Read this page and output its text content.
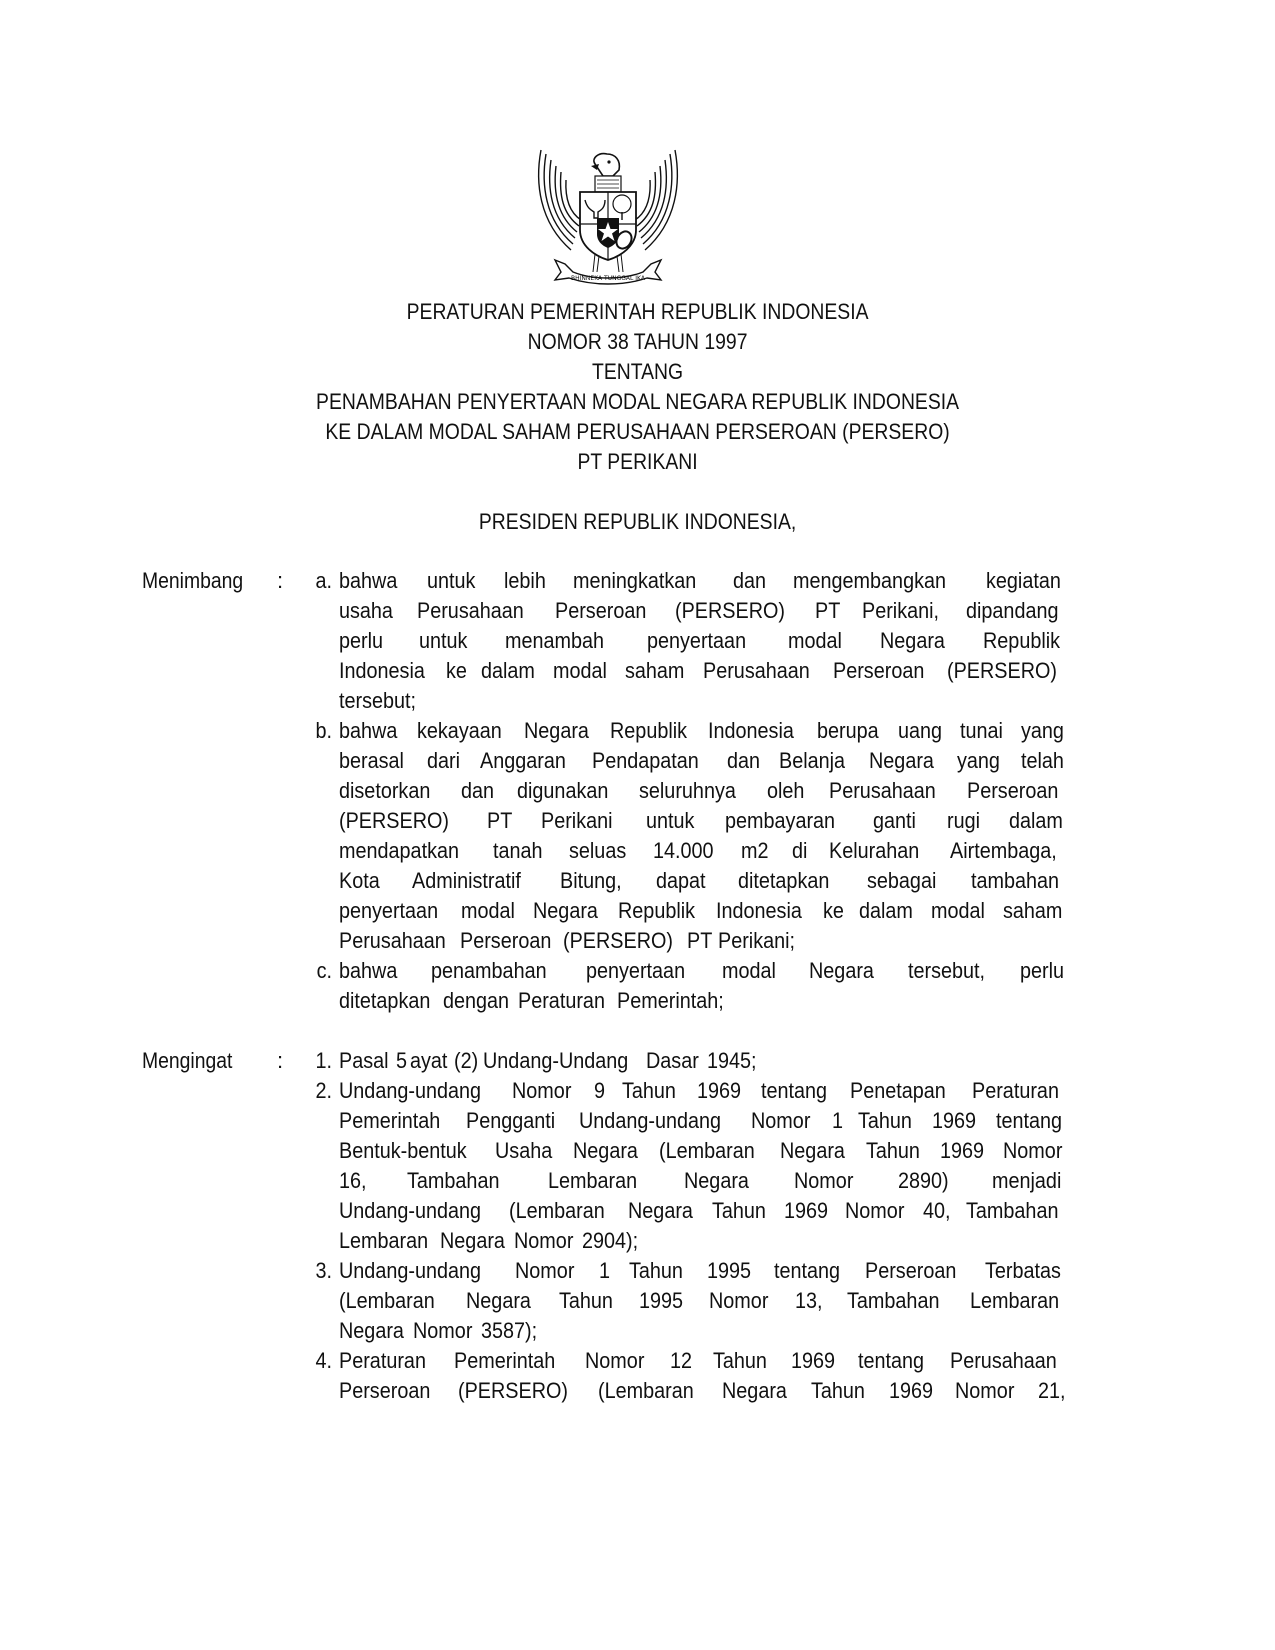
BHINNEKA TUNGGAL IKA
PERATURAN PEMERINTAH REPUBLIK INDONESIA
NOMOR 38 TAHUN 1997
TENTANG
PENAMBAHAN PENYERTAAN MODAL NEGARA REPUBLIK INDONESIA
KE DALAM MODAL SAHAM PERUSAHAAN PERSEROAN (PERSERO)
PT PERIKANI
PRESIDEN REPUBLIK INDONESIA,
Menimbang :	a. bahwa untuk lebih meningkatkan dan mengembangkan kegiatan
usaha Perusahaan Perseroan (PERSERO) PT Perikani, dipandang
perlu untuk menambah penyertaan modal Negara Republik
Indonesia ke dalam modal saham Perusahaan Perseroan (PERSERO)
tersebut;
b. bahwa kekayaan Negara Republik Indonesia berupa uang tunai yang
berasal dari Anggaran Pendapatan dan Belanja Negara yang telah
disetorkan dan digunakan seluruhnya oleh Perusahaan Perseroan
(PERSERO) PT Perikani untuk pembayaran ganti rugi dalam
mendapatkan tanah seluas 14.000 m2 di Kelurahan Airtembaga,
Kota Administratif Bitung, dapat ditetapkan sebagai tambahan
penyertaan modal Negara Republik Indonesia ke dalam modal saham
Perusahaan Perseroan (PERSERO) PT Perikani;
c. bahwa penambahan penyertaan modal Negara tersebut, perlu
ditetapkan dengan Peraturan Pemerintah;
Mengingat :	1. Pasal 5 ayat (2) Undang-Undang Dasar 1945;
2. Undang-undang Nomor 9 Tahun 1969 tentang Penetapan Peraturan
Pemerintah Pengganti Undang-undang Nomor 1 Tahun 1969 tentang
Bentuk-bentuk Usaha Negara (Lembaran Negara Tahun 1969 Nomor
16, Tambahan Lembaran Negara Nomor 2890) menjadi
Undang-undang (Lembaran Negara Tahun 1969 Nomor 40, Tambahan
Lembaran Negara Nomor 2904);
3. Undang-undang Nomor 1 Tahun 1995 tentang Perseroan Terbatas
(Lembaran Negara Tahun 1995 Nomor 13, Tambahan Lembaran
Negara Nomor 3587);
4. Peraturan Pemerintah Nomor 12 Tahun 1969 tentang Perusahaan
Perseroan (PERSERO) (Lembaran Negara Tahun 1969 Nomor 21,
